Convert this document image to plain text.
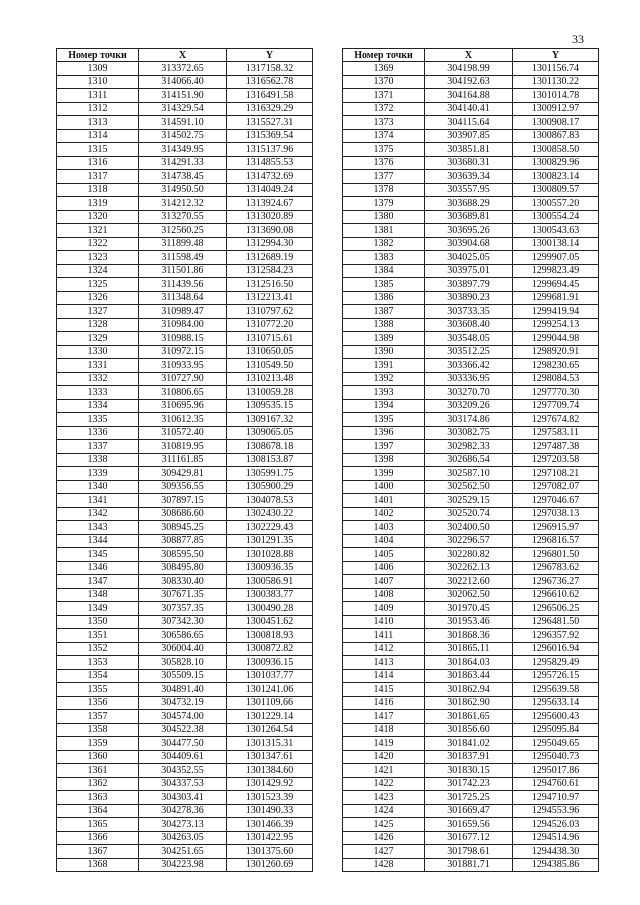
33
Номер точки	X	Y
1309	313372.65	1317158.32
1310	314066.40	1316562.78
1311	314151.90	1316491.58
1312	314329.54	1316329.29
1313	314591.10	1315527.31
1314	314502.75	1315369.54
1315	314349.95	1315137.96
1316	314291.33	1314855.53
1317	314738.45	1314732.69
1318	314950.50	1314049.24
1319	314212.32	1313924.67
1320	313270.55	1313020.89
1321	312560.25	1313690.08
1322	311899.48	1312994.30
1323	311598.49	1312689.19
1324	311501.86	1312584.23
1325	311439.56	1312516.50
1326	311348.64	1312213.41
1327	310989.47	1310797.62
1328	310984.00	1310772.20
1329	310988.15	1310715.61
1330	310972.15	1310650.05
1331	310933.95	1310549.50
1332	310727.90	1310213.48
1333	310806.65	1310059.28
1334	310695.96	1309535.15
1335	310612.35	1309167.32
1336	310572.40	1309065.05
1337	310819.95	1308678.18
1338	311161.85	1308153.87
1339	309429.81	1305991.75
1340	309356.55	1305900.29
1341	307897.15	1304078.53
1342	308686.60	1302430.22
1343	308945.25	1302229.43
1344	308877.85	1301291.35
1345	308595.50	1301028.88
1346	308495.80	1300936.35
1347	308330.40	1300586.91
1348	307671.35	1300383.77
1349	307357.35	1300490.28
1350	307342.30	1300451.62
1351	306586.65	1300818.93
1352	306004.40	1300872.82
1353	305828.10	1300936.15
1354	305509.15	1301037.77
1355	304891.40	1301241.06
1356	304732.19	1301109.66
1357	304574.00	1301229.14
1358	304522.38	1301264.54
1359	304477.50	1301315.31
1360	304409.61	1301347.61
1361	304352.55	1301384.60
1362	304337.53	1301429.92
1363	304303.41	1301523.39
1364	304278.36	1301490.33
1365	304273.13	1301466.39
1366	304263.05	1301422.95
1367	304251.65	1301375.60
1368	304223.98	1301260.69
Номер точки	X	Y
1369	304198.99	1301156.74
1370	304192.63	1301130.22
1371	304164.88	1301014.78
1372	304140.41	1300912.97
1373	304115.64	1300908.17
1374	303907.85	1300867.83
1375	303851.81	1300858.50
1376	303680.31	1300829.96
1377	303639.34	1300823.14
1378	303557.95	1300809.57
1379	303688.29	1300557.20
1380	303689.81	1300554.24
1381	303695.26	1300543.63
1382	303904.68	1300138.14
1383	304025.05	1299907.05
1384	303975.01	1299823.49
1385	303897.79	1299694.45
1386	303890.23	1299681.91
1387	303733.35	1299419.94
1388	303608.40	1299254.13
1389	303548.05	1299044.98
1390	303512.25	1298920.91
1391	303366.42	1298230.65
1392	303336.95	1298084.53
1393	303270.70	1297770.30
1394	303209.26	1297709.74
1395	303174.86	1297674.82
1396	303082.75	1297583.11
1397	302982.33	1297487.38
1398	302686.54	1297203.58
1399	302587.10	1297108.21
1400	302562.50	1297082.07
1401	302529.15	1297046.67
1402	302520.74	1297038.13
1403	302400.50	1296915.97
1404	302296.57	1296816.57
1405	302280.82	1296801.50
1406	302262.13	1296783.62
1407	302212.60	1296736.27
1408	302062.50	1296610.62
1409	301970.45	1296506.25
1410	301953.46	1296481.50
1411	301868.36	1296357.92
1412	301865.11	1296016.94
1413	301864.03	1295829.49
1414	301863.44	1295726.15
1415	301862.94	1295639.58
1416	301862.90	1295633.14
1417	301861.65	1295600.43
1418	301856.60	1295095.84
1419	301841.02	1295049.65
1420	301837.91	1295040.73
1421	301830.15	1295017.86
1422	301742.23	1294760.61
1423	301725.25	1294710.97
1424	301669.47	1294553.96
1425	301659.56	1294526.03
1426	301677.12	1294514.96
1427	301798.61	1294438.30
1428	301881.71	1294385.86
